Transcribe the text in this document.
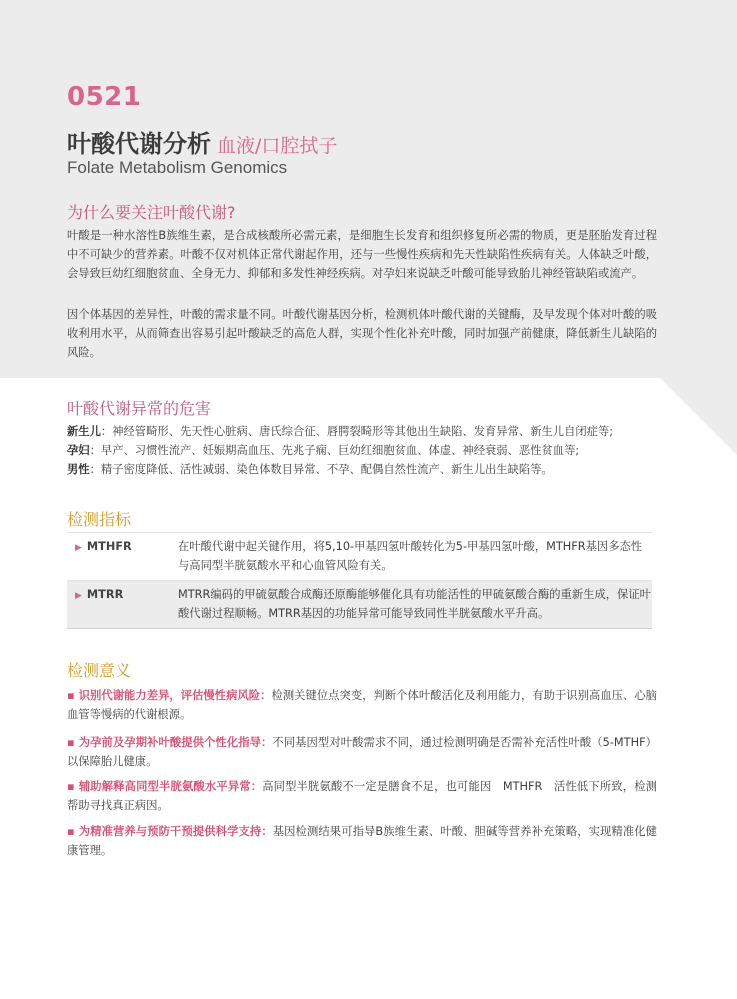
0521
叶酸代谢分析 血液/口腔拭子
Folate Metabolism Genomics
为什么要关注叶酸代谢?
叶酸是一种水溶性B族维生素，是合成核酸所必需元素，是细胞生长发育和组织修复所必需的物质，更是胚胎发育过程中不可缺少的营养素。叶酸不仅对机体正常代谢起作用，还与一些慢性疾病和先天性缺陷性疾病有关。人体缺乏叶酸，会导致巨幼红细胞贫血、全身无力、抑郁和多发性神经疾病。对孕妇来说缺乏叶酸可能导致胎儿神经管缺陷或流产。
因个体基因的差异性，叶酸的需求量不同。叶酸代谢基因分析，检测机体叶酸代谢的关键酶，及早发现个体对叶酸的吸收利用水平，从而筛查出容易引起叶酸缺乏的高危人群，实现个性化补充叶酸，同时加强产前健康，降低新生儿缺陷的风险。
叶酸代谢异常的危害
新生儿：神经管畸形、先天性心脏病、唐氏综合征、唇腭裂畸形等其他出生缺陷、发育异常、新生儿自闭症等;
孕妇：早产、习惯性流产、妊娠期高血压、先兆子痫、巨幼红细胞贫血、体虚、神经衰弱、恶性贫血等;
男性：精子密度降低、活性减弱、染色体数目异常、不孕、配偶自然性流产、新生儿出生缺陷等。
检测指标
▶ MTHFR	在叶酸代谢中起关键作用，将5,10-甲基四氢叶酸转化为5-甲基四氢叶酸，MTHFR基因多态性与高同型半胱氨酸水平和心血管风险有关。
▶ MTRR	MTRR编码的甲硫氨酸合成酶还原酶能够催化具有功能活性的甲硫氨酸合酶的重新生成，保证叶酸代谢过程顺畅。MTRR基因的功能异常可能导致同性半胱氨酸水平升高。
检测意义
▪ 识别代谢能力差异，评估慢性病风险：检测关键位点突变，判断个体叶酸活化及利用能力，有助于识别高血压、心脑血管等慢病的代谢根源。
▪ 为孕前及孕期补叶酸提供个性化指导：不同基因型对叶酸需求不同，通过检测明确是否需补充活性叶酸（5-MTHF）以保障胎儿健康。
▪ 辅助解释高同型半胱氨酸水平异常：高同型半胱氨酸不一定是膳食不足，也可能因　MTHFR　活性低下所致，检测帮助寻找真正病因。
▪ 为精准营养与预防干预提供科学支持：基因检测结果可指导B族维生素、叶酸、胆碱等营养补充策略，实现精准化健康管理。
